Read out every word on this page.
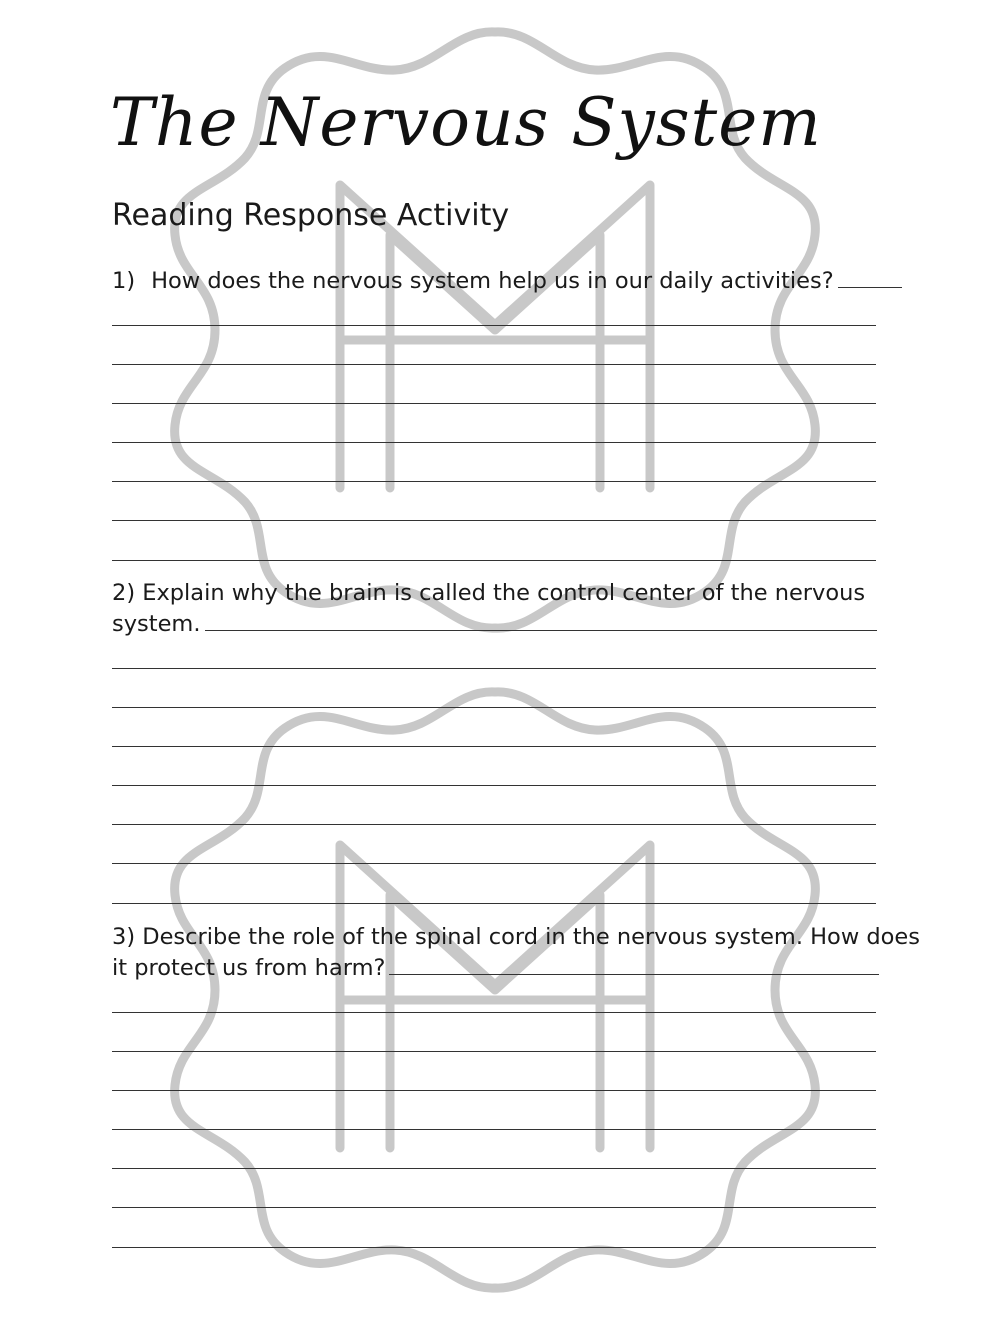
The Nervous System
Reading Response Activity

1) How does the nervous system help us in our daily activities?

2) Explain why the brain is called the control center of the nervous
system.

3) Describe the role of the spinal cord in the nervous system. How does
it protect us from harm?
